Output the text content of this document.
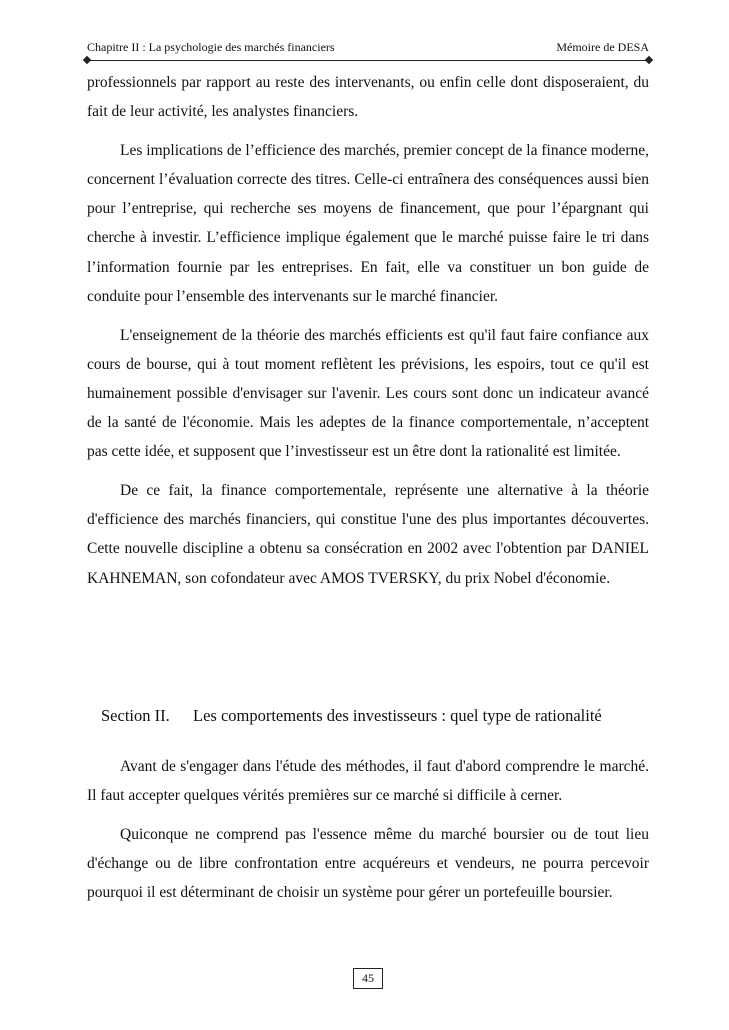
Chapitre II : La psychologie des marchés financiers	Mémoire de DESA

professionnels par rapport au reste des intervenants, ou enfin celle dont disposeraient, du fait de leur activité, les analystes financiers.

Les implications de l’efficience des marchés, premier concept de la finance moderne, concernent l’évaluation correcte des titres. Celle-ci entraînera des conséquences aussi bien pour l’entreprise, qui recherche ses moyens de financement, que pour l’épargnant qui cherche à investir. L’efficience implique également que le marché puisse faire le tri dans l’information fournie par les entreprises. En fait, elle va constituer un bon guide de conduite pour l’ensemble des intervenants sur le marché financier.

L'enseignement de la théorie des marchés efficients est qu'il faut faire confiance aux cours de bourse, qui à tout moment reflètent les prévisions, les espoirs, tout ce qu'il est humainement possible d'envisager sur l'avenir. Les cours sont donc un indicateur avancé de la santé de l'économie. Mais les adeptes de la finance comportementale, n’acceptent pas cette idée, et supposent que l’investisseur est un être dont la rationalité est limitée.

De ce fait, la finance comportementale, représente une alternative à la théorie d'efficience des marchés financiers, qui constitue l'une des plus importantes découvertes. Cette nouvelle discipline a obtenu sa consécration en 2002 avec l'obtention par DANIEL KAHNEMAN, son cofondateur avec AMOS TVERSKY, du prix Nobel d'économie.

Section II.	Les comportements des investisseurs : quel type de rationalité

Avant de s'engager dans l'étude des méthodes, il faut d'abord comprendre le marché. Il faut accepter quelques vérités premières sur ce marché si difficile à cerner.

Quiconque ne comprend pas l'essence même du marché boursier ou de tout lieu d'échange ou de libre confrontation entre acquéreurs et vendeurs, ne pourra percevoir pourquoi il est déterminant de choisir un système pour gérer un portefeuille boursier.

45
